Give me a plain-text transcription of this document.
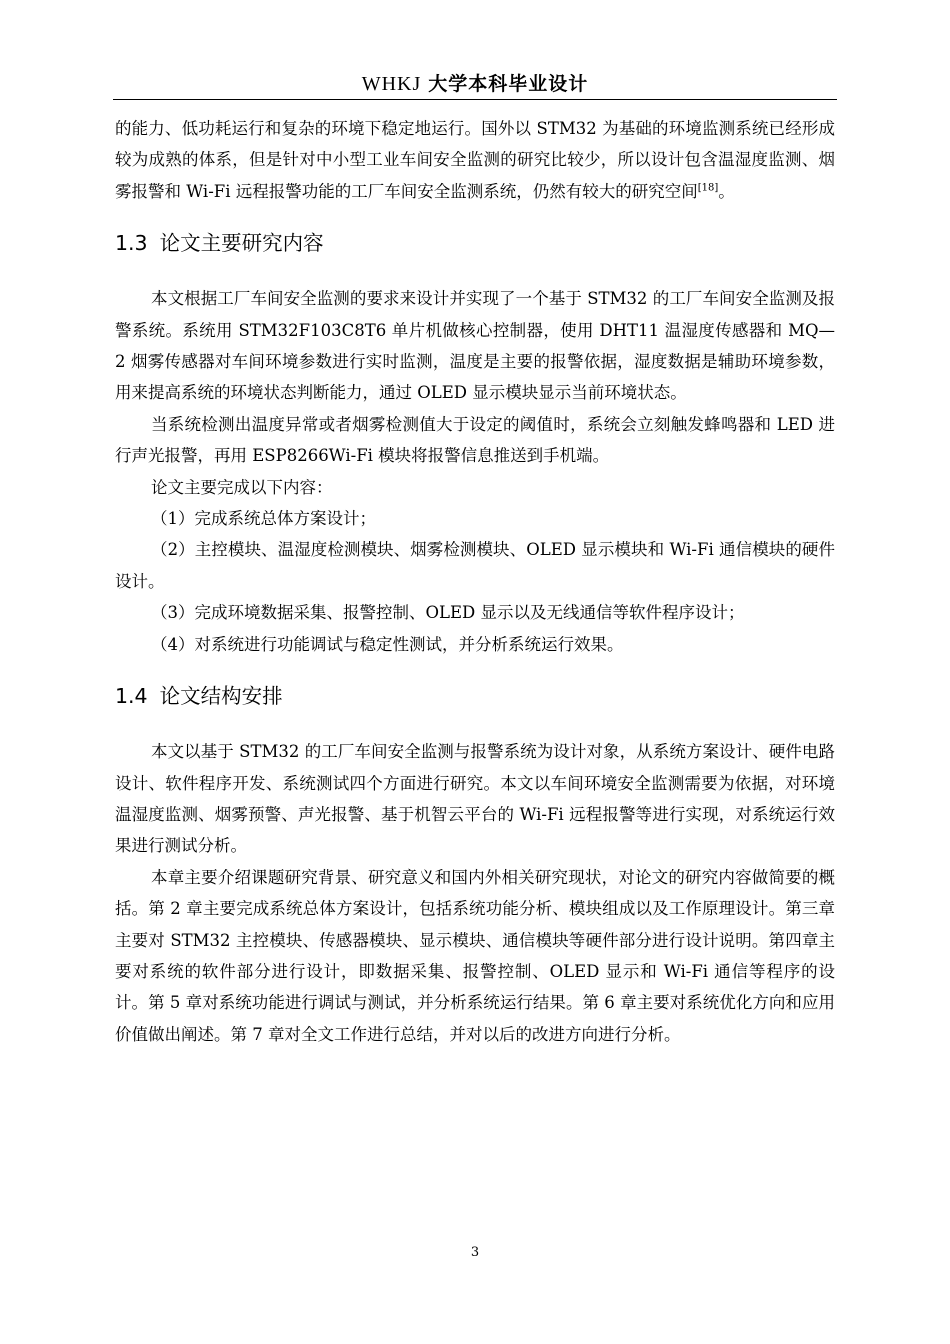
WHKJ 大学本科毕业设计

的能力、低功耗运行和复杂的环境下稳定地运行。国外以 STM32 为基础的环境监测系统已经形成较为成熟的体系，但是针对中小型工业车间安全监测的研究比较少，所以设计包含温湿度监测、烟雾报警和 Wi-Fi 远程报警功能的工厂车间安全监测系统，仍然有较大的研究空间[18]。

1.3 论文主要研究内容

本文根据工厂车间安全监测的要求来设计并实现了一个基于 STM32 的工厂车间安全监测及报警系统。系统用 STM32F103C8T6 单片机做核心控制器，使用 DHT11 温湿度传感器和 MQ—2 烟雾传感器对车间环境参数进行实时监测，温度是主要的报警依据，湿度数据是辅助环境参数，用来提高系统的环境状态判断能力，通过 OLED 显示模块显示当前环境状态。

当系统检测出温度异常或者烟雾检测值大于设定的阈值时，系统会立刻触发蜂鸣器和 LED 进行声光报警，再用 ESP8266Wi-Fi 模块将报警信息推送到手机端。

论文主要完成以下内容：

（1）完成系统总体方案设计；

（2）主控模块、温湿度检测模块、烟雾检测模块、OLED 显示模块和 Wi-Fi 通信模块的硬件设计。

（3）完成环境数据采集、报警控制、OLED 显示以及无线通信等软件程序设计；

（4）对系统进行功能调试与稳定性测试，并分析系统运行效果。

1.4 论文结构安排

本文以基于 STM32 的工厂车间安全监测与报警系统为设计对象，从系统方案设计、硬件电路设计、软件程序开发、系统测试四个方面进行研究。本文以车间环境安全监测需要为依据，对环境温湿度监测、烟雾预警、声光报警、基于机智云平台的 Wi-Fi 远程报警等进行实现，对系统运行效果进行测试分析。

本章主要介绍课题研究背景、研究意义和国内外相关研究现状，对论文的研究内容做简要的概括。第 2 章主要完成系统总体方案设计，包括系统功能分析、模块组成以及工作原理设计。第三章主要对 STM32 主控模块、传感器模块、显示模块、通信模块等硬件部分进行设计说明。第四章主要对系统的软件部分进行设计，即数据采集、报警控制、OLED 显示和 Wi-Fi 通信等程序的设计。第 5 章对系统功能进行调试与测试，并分析系统运行结果。第 6 章主要对系统优化方向和应用价值做出阐述。第 7 章对全文工作进行总结，并对以后的改进方向进行分析。

3
